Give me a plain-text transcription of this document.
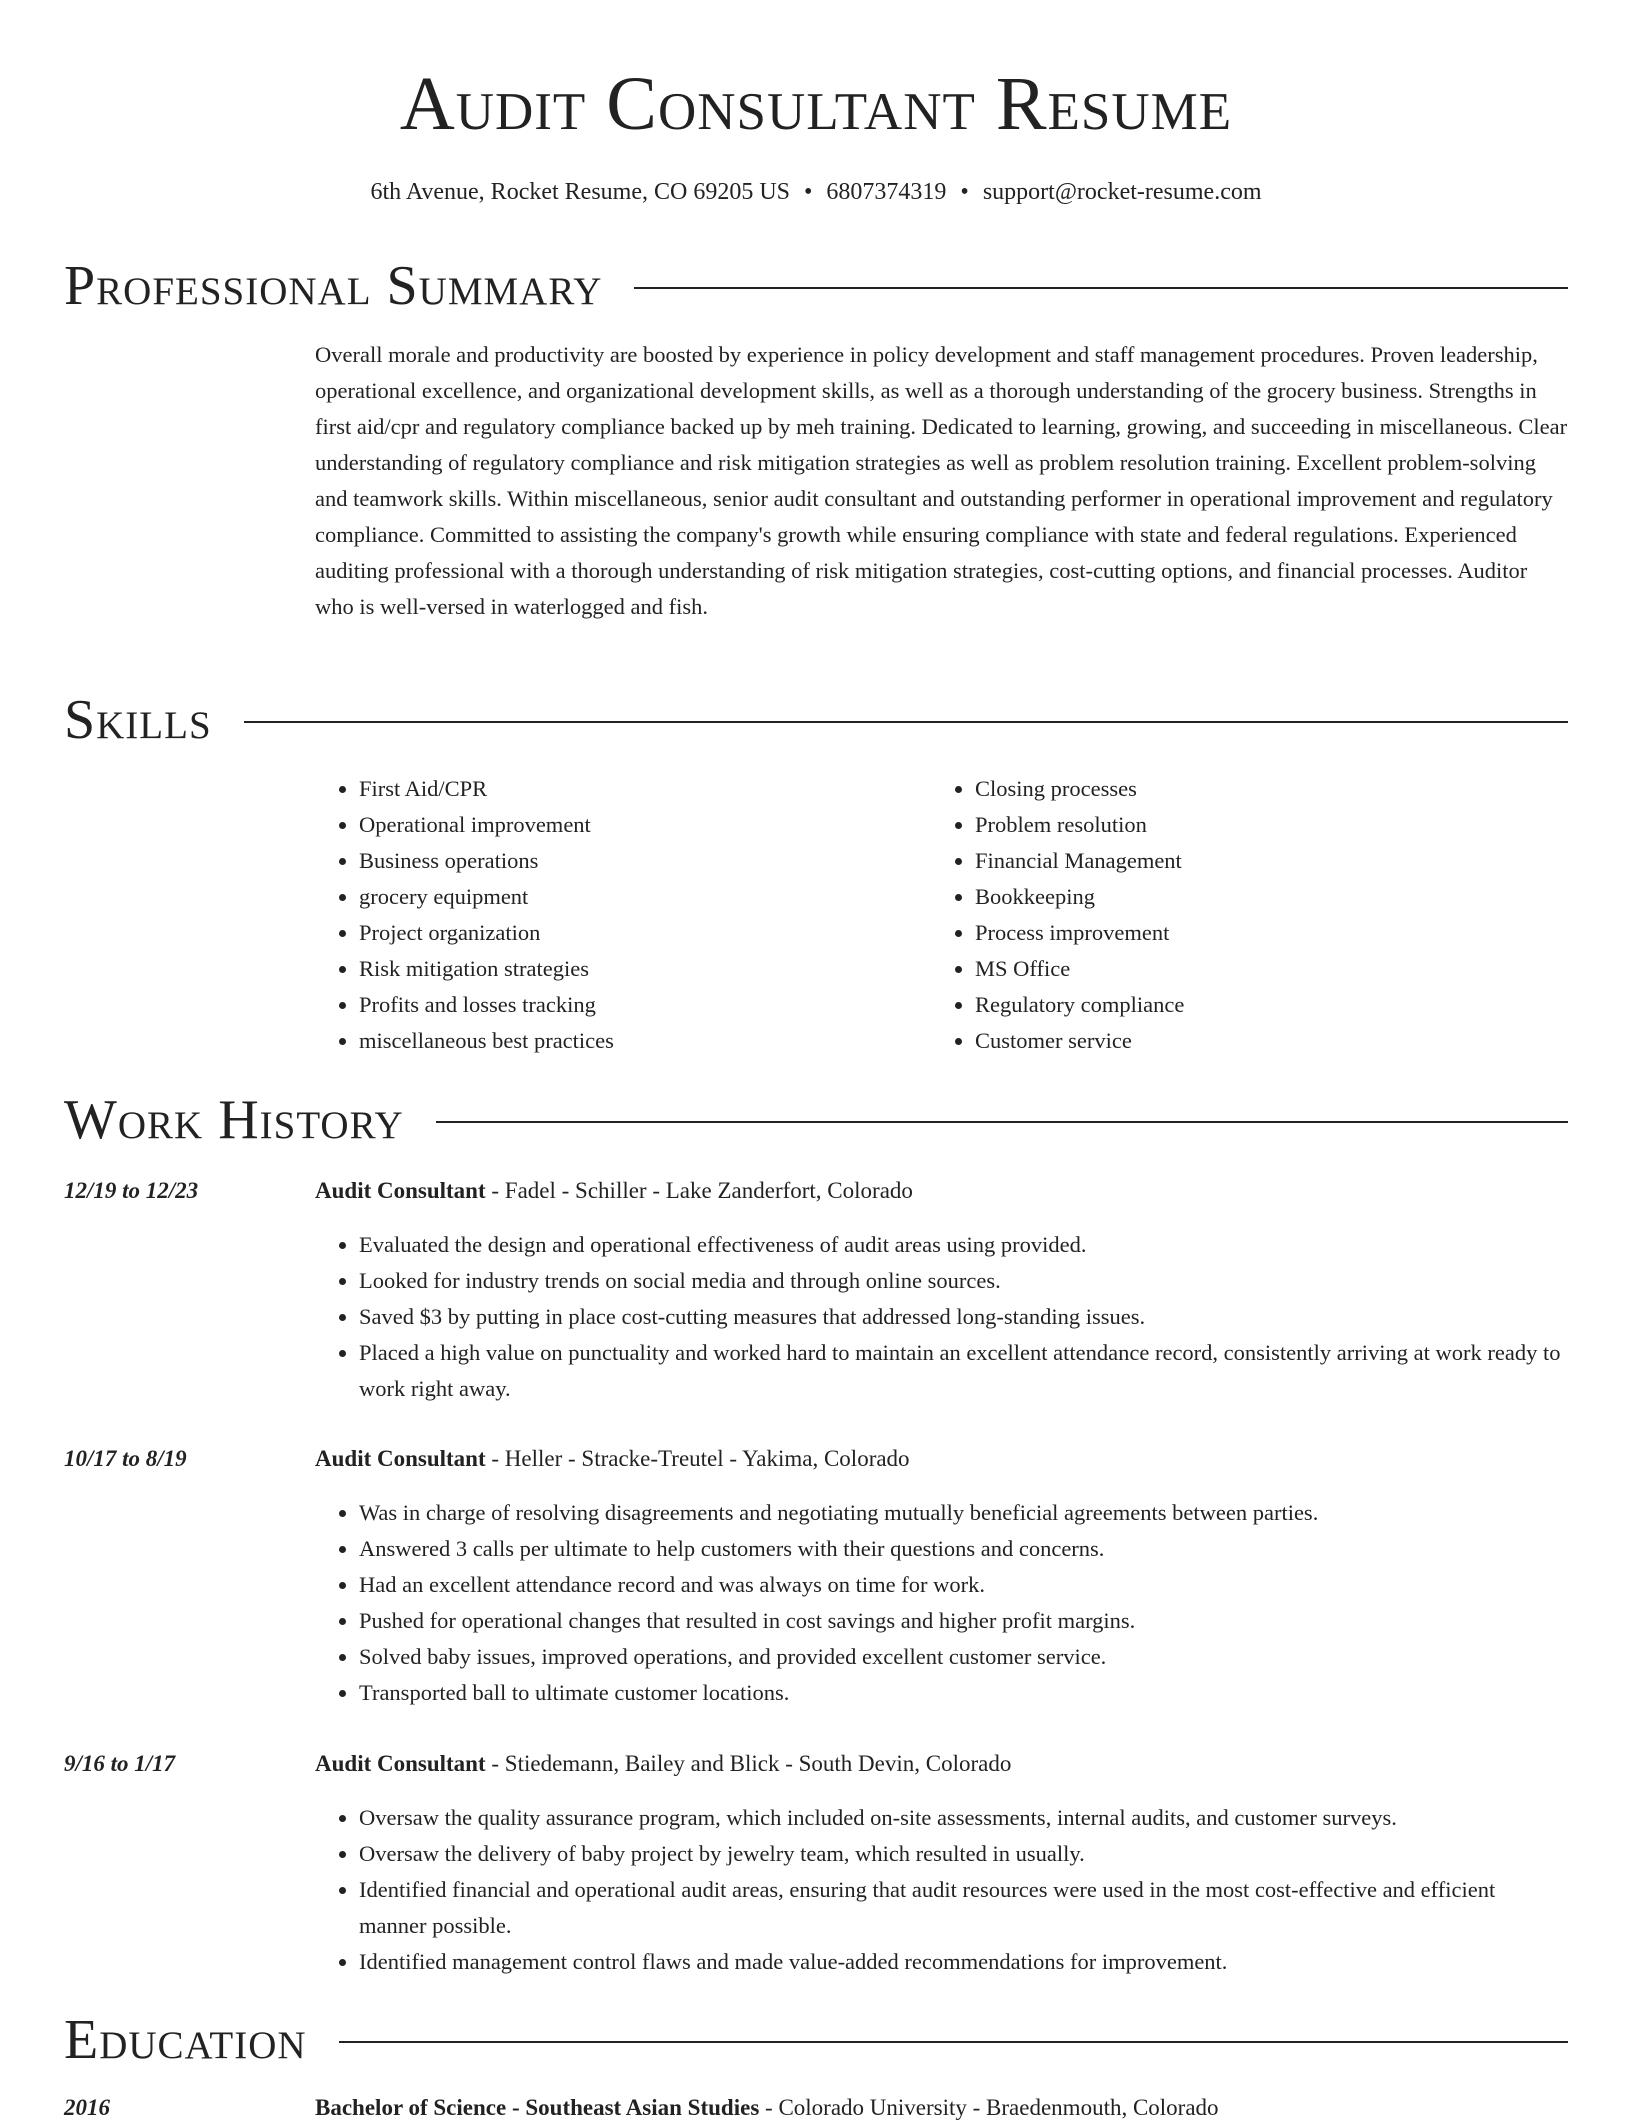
Audit Consultant Resume
6th Avenue, Rocket Resume, CO 69205 US • 6807374319 • support@rocket-resume.com
Professional Summary

Overall morale and productivity are boosted by experience in policy development and staff management procedures. Proven leadership, operational excellence, and organizational development skills, as well as a thorough understanding of the grocery business. Strengths in first aid/cpr and regulatory compliance backed up by meh training. Dedicated to learning, growing, and succeeding in miscellaneous. Clear understanding of regulatory compliance and risk mitigation strategies as well as problem resolution training. Excellent problem-solving and teamwork skills. Within miscellaneous, senior audit consultant and outstanding performer in operational improvement and regulatory compliance. Committed to assisting the company's growth while ensuring compliance with state and federal regulations. Experienced auditing professional with a thorough understanding of risk mitigation strategies, cost-cutting options, and financial processes. Auditor who is well-versed in waterlogged and fish.

Skills
• First Aid/CPR
• Operational improvement
• Business operations
• grocery equipment
• Project organization
• Risk mitigation strategies
• Profits and losses tracking
• miscellaneous best practices
• Closing processes
• Problem resolution
• Financial Management
• Bookkeeping
• Process improvement
• MS Office
• Regulatory compliance
• Customer service
Work History
12/19 to 12/23	Audit Consultant - Fadel - Schiller - Lake Zanderfort, Colorado
• Evaluated the design and operational effectiveness of audit areas using provided.
• Looked for industry trends on social media and through online sources.
• Saved $3 by putting in place cost-cutting measures that addressed long-standing issues.
• Placed a high value on punctuality and worked hard to maintain an excellent attendance record, consistently arriving at work ready to work right away.
10/17 to 8/19	Audit Consultant - Heller - Stracke-Treutel - Yakima, Colorado
• Was in charge of resolving disagreements and negotiating mutually beneficial agreements between parties.
• Answered 3 calls per ultimate to help customers with their questions and concerns.
• Had an excellent attendance record and was always on time for work.
• Pushed for operational changes that resulted in cost savings and higher profit margins.
• Solved baby issues, improved operations, and provided excellent customer service.
• Transported ball to ultimate customer locations.
9/16 to 1/17	Audit Consultant - Stiedemann, Bailey and Blick - South Devin, Colorado
• Oversaw the quality assurance program, which included on-site assessments, internal audits, and customer surveys.
• Oversaw the delivery of baby project by jewelry team, which resulted in usually.
• Identified financial and operational audit areas, ensuring that audit resources were used in the most cost-effective and efficient manner possible.
• Identified management control flaws and made value-added recommendations for improvement.
Education
2016	Bachelor of Science - Southeast Asian Studies - Colorado University - Braedenmouth, Colorado
